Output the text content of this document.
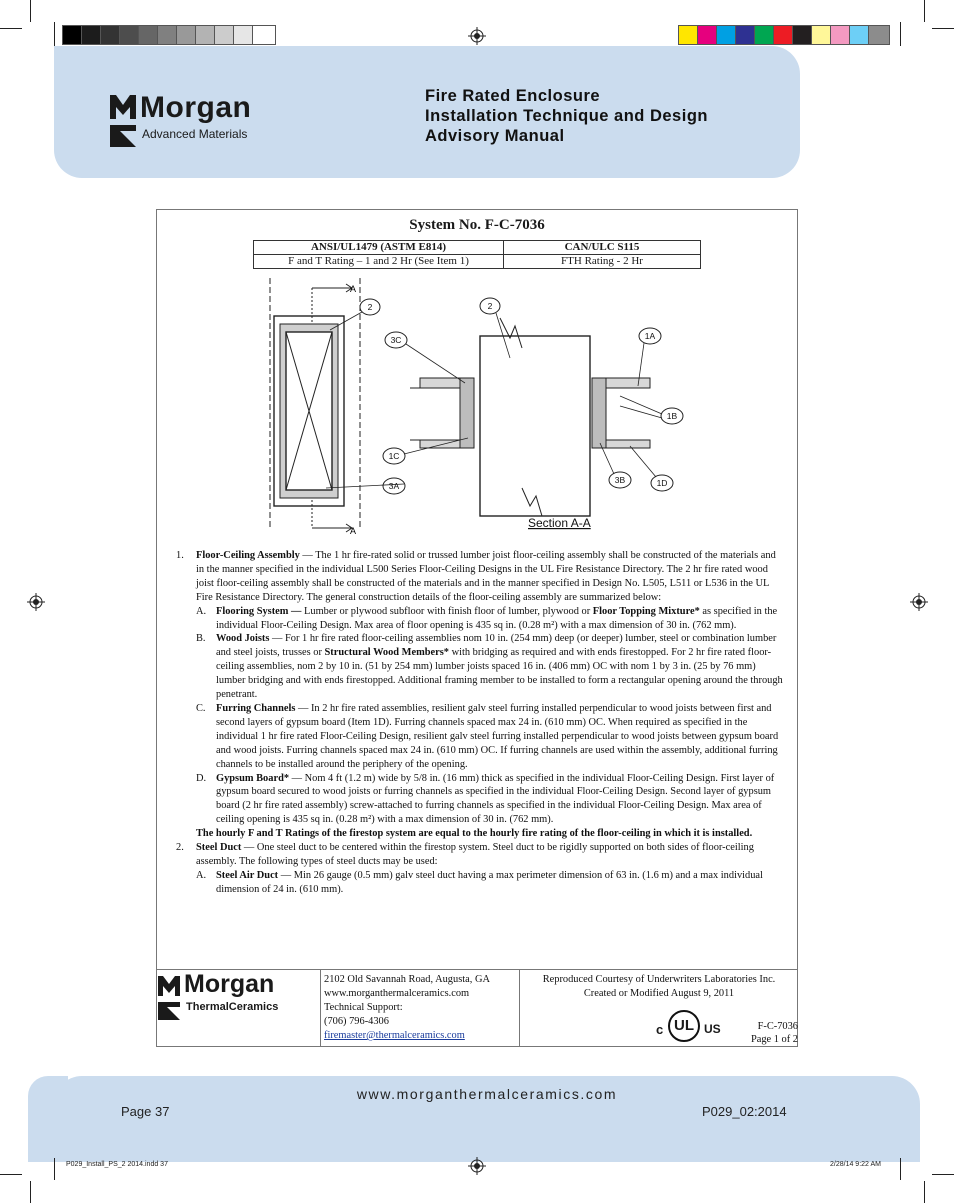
Morgan
Advanced Materials
Fire Rated Enclosure
Installation Technique and Design
Advisory Manual
System No. F-C-7036
ANSI/UL1479 (ASTM E814)	CAN/ULC S115
F and T Rating – 1 and 2 Hr (See Item 1)	FTH Rating - 2 Hr
A
A
2
3C
1C
3A
2
1A
1B
3B	1D
Section A-A
1. Floor-Ceiling Assembly — The 1 hr fire-rated solid or trussed lumber joist floor-ceiling assembly shall be constructed of the materials and in the manner specified in the individual L500 Series Floor-Ceiling Designs in the UL Fire Resistance Directory. The 2 hr fire rated wood joist floor-ceiling assembly shall be constructed of the materials and in the manner specified in Design No. L505, L511 or L536 in the UL Fire Resistance Directory. The general construction details of the floor-ceiling assembly are summarized below:
A. Flooring System — Lumber or plywood subfloor with finish floor of lumber, plywood or Floor Topping Mixture* as specified in the individual Floor-Ceiling Design. Max area of floor opening is 435 sq in. (0.28 m²) with a max dimension of 30 in. (762 mm).
B. Wood Joists — For 1 hr fire rated floor-ceiling assemblies nom 10 in. (254 mm) deep (or deeper) lumber, steel or combination lumber and steel joists, trusses or Structural Wood Members* with bridging as required and with ends firestopped. For 2 hr fire rated floor-ceiling assemblies, nom 2 by 10 in. (51 by 254 mm) lumber joists spaced 16 in. (406 mm) OC with nom 1 by 3 in. (25 by 76 mm) lumber bridging and with ends firestopped. Additional framing member to be installed to form a rectangular opening around the through penetrant.
C. Furring Channels — In 2 hr fire rated assemblies, resilient galv steel furring installed perpendicular to wood joists between first and second layers of gypsum board (Item 1D). Furring channels spaced max 24 in. (610 mm) OC. When required as specified in the individual 1 hr fire rated Floor-Ceiling Design, resilient galv steel furring installed perpendicular to wood joists between gypsum board and wood joists. Furring channels spaced max 24 in. (610 mm) OC. If furring channels are used within the assembly, additional furring channels to be installed around the periphery of the opening.
D. Gypsum Board* — Nom 4 ft (1.2 m) wide by 5/8 in. (16 mm) thick as specified in the individual Floor-Ceiling Design. First layer of gypsum board secured to wood joists or furring channels as specified in the individual Floor-Ceiling Design. Second layer of gypsum board (2 hr fire rated assembly) screw-attached to furring channels as specified in the individual Floor-Ceiling Design. Max area of ceiling opening is 435 sq in. (0.28 m²) with a max dimension of 30 in. (762 mm).
The hourly F and T Ratings of the firestop system are equal to the hourly fire rating of the floor-ceiling in which it is installed.
2. Steel Duct — One steel duct to be centered within the firestop system. Steel duct to be rigidly supported on both sides of floor-ceiling assembly. The following types of steel ducts may be used:
A. Steel Air Duct — Min 26 gauge (0.5 mm) galv steel duct having a max perimeter dimension of 63 in. (1.6 m) and a max individual dimension of 24 in. (610 mm).
Morgan
ThermalCeramics
2102 Old Savannah Road, Augusta, GA
www.morganthermalceramics.com
Technical Support:
(706) 796-4306
firemaster@thermalceramics.com
Reproduced Courtesy of Underwriters Laboratories Inc.
Created or Modified August 9, 2011
c UL US	F-C-7036
Page 1 of 2
www.morganthermalceramics.com
Page 37	P029_02:2014
P029_Install_PS_2 2014.indd 37	2/28/14 9:22 AM
